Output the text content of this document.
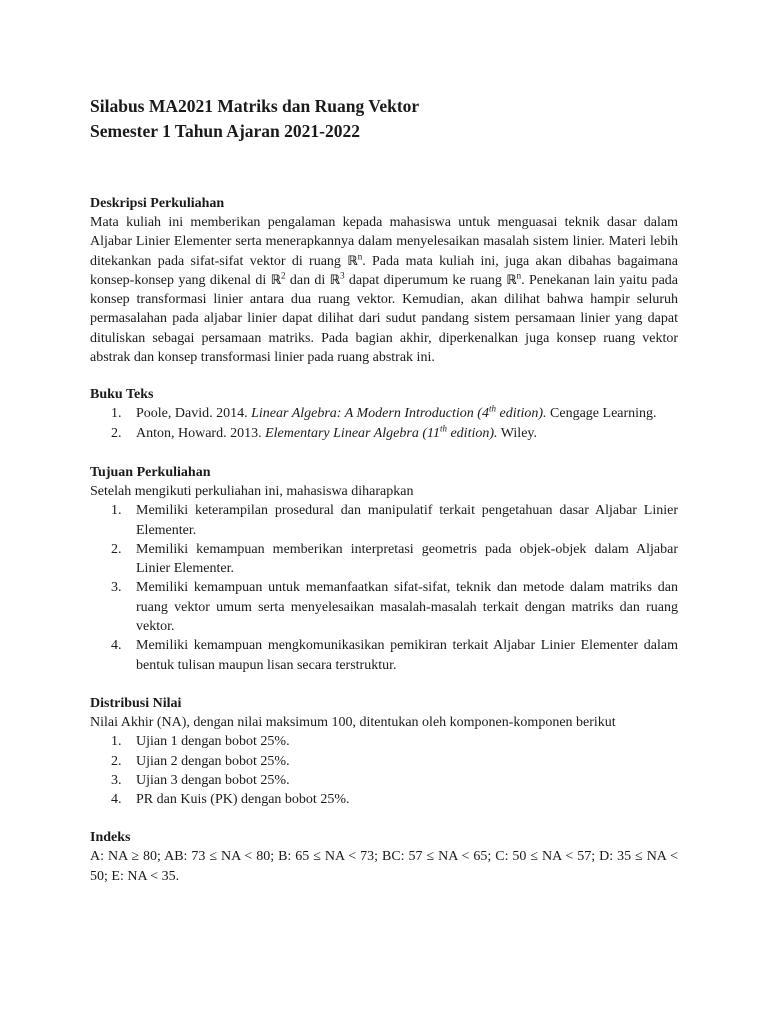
Silabus MA2021 Matriks dan Ruang Vektor
Semester 1 Tahun Ajaran 2021-2022
Deskripsi Perkuliahan

Mata kuliah ini memberikan pengalaman kepada mahasiswa untuk menguasai teknik dasar dalam Aljabar Linier Elementer serta menerapkannya dalam menyelesaikan masalah sistem linier. Materi lebih ditekankan pada sifat-sifat vektor di ruang ℝ$^n$. Pada mata kuliah ini, juga akan dibahas bagaimana konsep-konsep yang dikenal di ℝ$^2$ dan di ℝ$^3$ dapat diperumum ke ruang ℝ$^n$. Penekanan lain yaitu pada konsep transformasi linier antara dua ruang vektor. Kemudian, akan dilihat bahwa hampir seluruh permasalahan pada aljabar linier dapat dilihat dari sudut pandang sistem persamaan linier yang dapat dituliskan sebagai persamaan matriks. Pada bagian akhir, diperkenalkan juga konsep ruang vektor abstrak dan konsep transformasi linier pada ruang abstrak ini.

Buku Teks
1. Poole, David. 2014. Linear Algebra: A Modern Introduction (4th edition). Cengage Learning.
2. Anton, Howard. 2013. Elementary Linear Algebra (11th edition). Wiley.
Tujuan Perkuliahan

Setelah mengikuti perkuliahan ini, mahasiswa diharapkan

1. Memiliki keterampilan prosedural dan manipulatif terkait pengetahuan dasar Aljabar Linier Elementer.
2. Memiliki kemampuan memberikan interpretasi geometris pada objek-objek dalam Aljabar Linier Elementer.
3. Memiliki kemampuan untuk memanfaatkan sifat-sifat, teknik dan metode dalam matriks dan ruang vektor umum serta menyelesaikan masalah-masalah terkait dengan matriks dan ruang vektor.
4. Memiliki kemampuan mengkomunikasikan pemikiran terkait Aljabar Linier Elementer dalam bentuk tulisan maupun lisan secara terstruktur.
Distribusi Nilai

Nilai Akhir (NA), dengan nilai maksimum 100, ditentukan oleh komponen-komponen berikut

1. Ujian 1 dengan bobot 25%.
2. Ujian 2 dengan bobot 25%.
3. Ujian 3 dengan bobot 25%.
4. PR dan Kuis (PK) dengan bobot 25%.
Indeks

A: NA ≥ 80; AB: 73 ≤ NA < 80; B: 65 ≤ NA < 73; BC: 57 ≤ NA < 65; C: 50 ≤ NA < 57; D: 35 ≤ NA < 50; E: NA < 35.
